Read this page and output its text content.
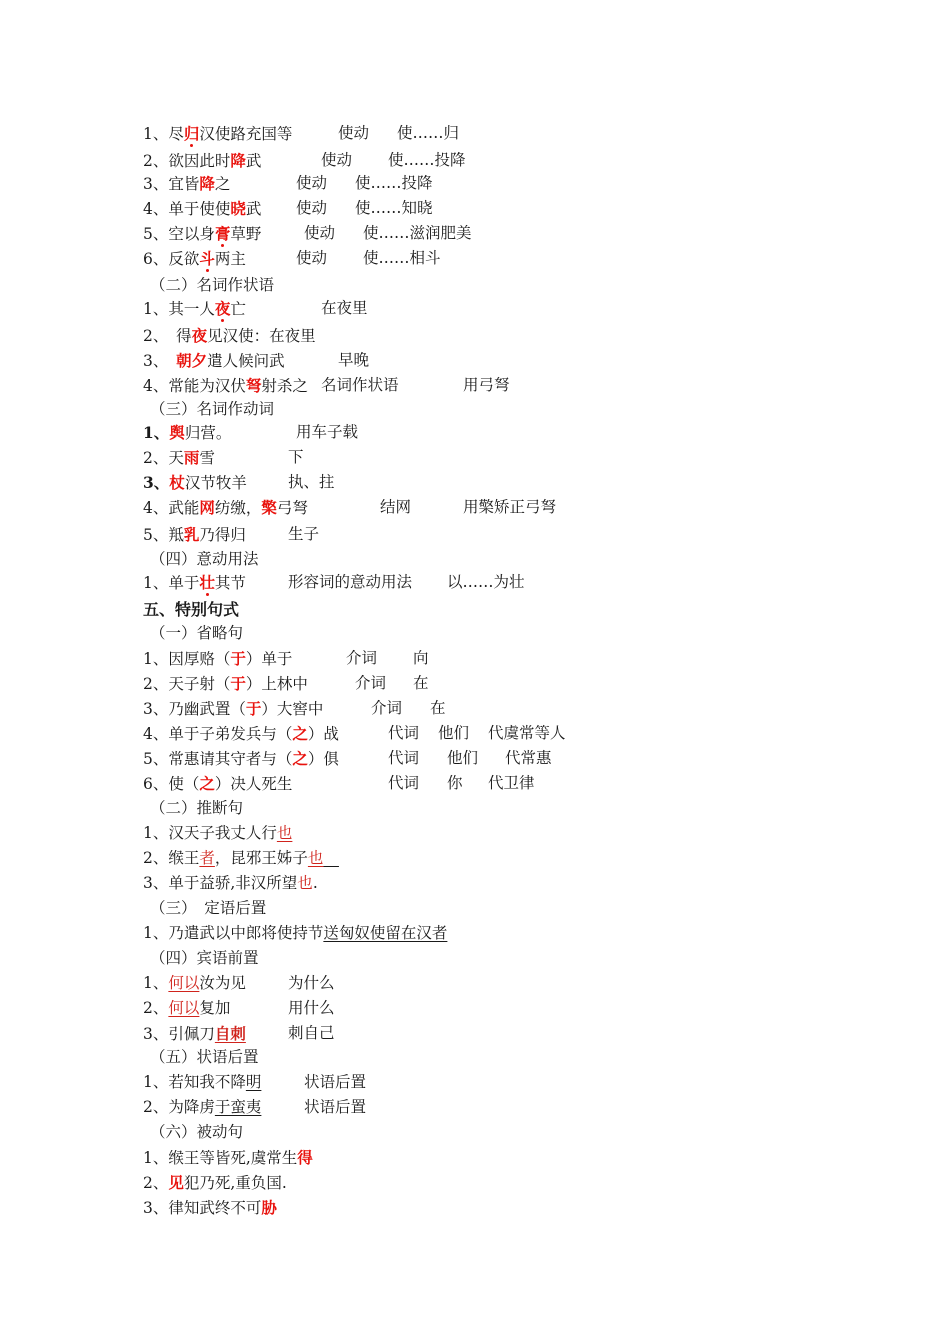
1、尽归汉使路充国等	使动 使……归
2、欲因此时降武	使动 使……投降
3、宜皆降之	使动 使……投降
4、单于使使晓武 使动 使……知晓
5、空以身膏草野	使动 使……滋润肥美
6、反欲斗两主	使动 使……相斗
（二）名词作状语
1、其一人夜亡	在夜里
2、　得夜见汉使：在夜里
3、　朝夕遣人候问武	早晚
4、常能为汉伏弩射杀之 名词作状语	用弓弩
（三）名词作动词
1、舆归营。	用车子载
2、天雨雪	下
3、杖汉节牧羊	执、拄
4、武能网纺缴，檠弓弩	结网	用檠矫正弓弩
5、羝乳乃得归	生子
（四）意动用法
1、单于壮其节	形容词的意动用法 以……为壮
五、特别句式
（一）省略句
1、因厚赂（于）单于	介词 向
2、天子射（于）上林中	介词 在
3、乃幽武置（于）大窖中	介词 在
4、单于子弟发兵与（之）战	代词 他们 代虞常等人
5、常惠请其守者与（之）俱	代词 他们 代常惠
6、使（之）决人死生	代词 你 代卫律
（二）推断句
1、汉天子我丈人行也
2、缑王者，昆邪王姊子也　
3、单于益骄,非汉所望也.
（三）　定语后置
1、乃遣武以中郎将使持节送匈奴使留在汉者
（四）宾语前置
1、何以汝为见	为什么
2、何以复加	用什么
3、引佩刀自刺	刺自己
（五）状语后置
1、若知我不降明	状语后置
2、为降虏于蛮夷	状语后置
（六）被动句
1、缑王等皆死,虞常生得
2、见犯乃死,重负国.
3、律知武终不可胁
